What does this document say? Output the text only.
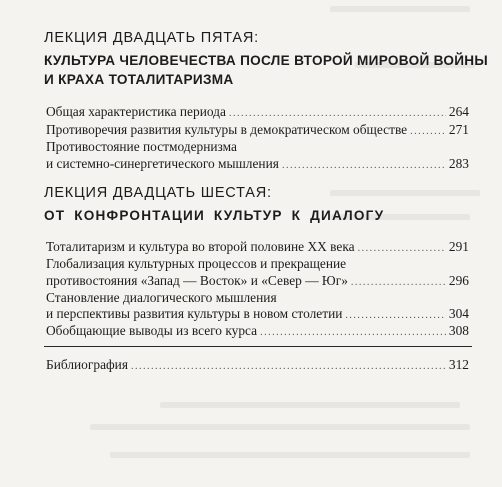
ЛЕКЦИЯ ДВАДЦАТЬ ПЯТАЯ:
КУЛЬТУРА ЧЕЛОВЕЧЕСТВА ПОСЛЕ ВТОРОЙ МИРОВОЙ ВОЙНЫ
И КРАХА ТОТАЛИТАРИЗМА
Общая характеристика периода .....	264
Противоречия развития культуры в демократическом обществе .....	271
Противостояние постмодернизма
и системно-синергетического мышления .....	283
ЛЕКЦИЯ ДВАДЦАТЬ ШЕСТАЯ:
ОТ КОНФРОНТАЦИИ КУЛЬТУР К ДИАЛОГУ
Тоталитаризм и культура во второй половине XX века .....	291
Глобализация культурных процессов и прекращение
противостояния «Запад — Восток» и «Север — Юг» .....	296
Становление диалогического мышления
и перспективы развития культуры в новом столетии .....	304
Обобщающие выводы из всего курса .....	308
Библиография .....	312
